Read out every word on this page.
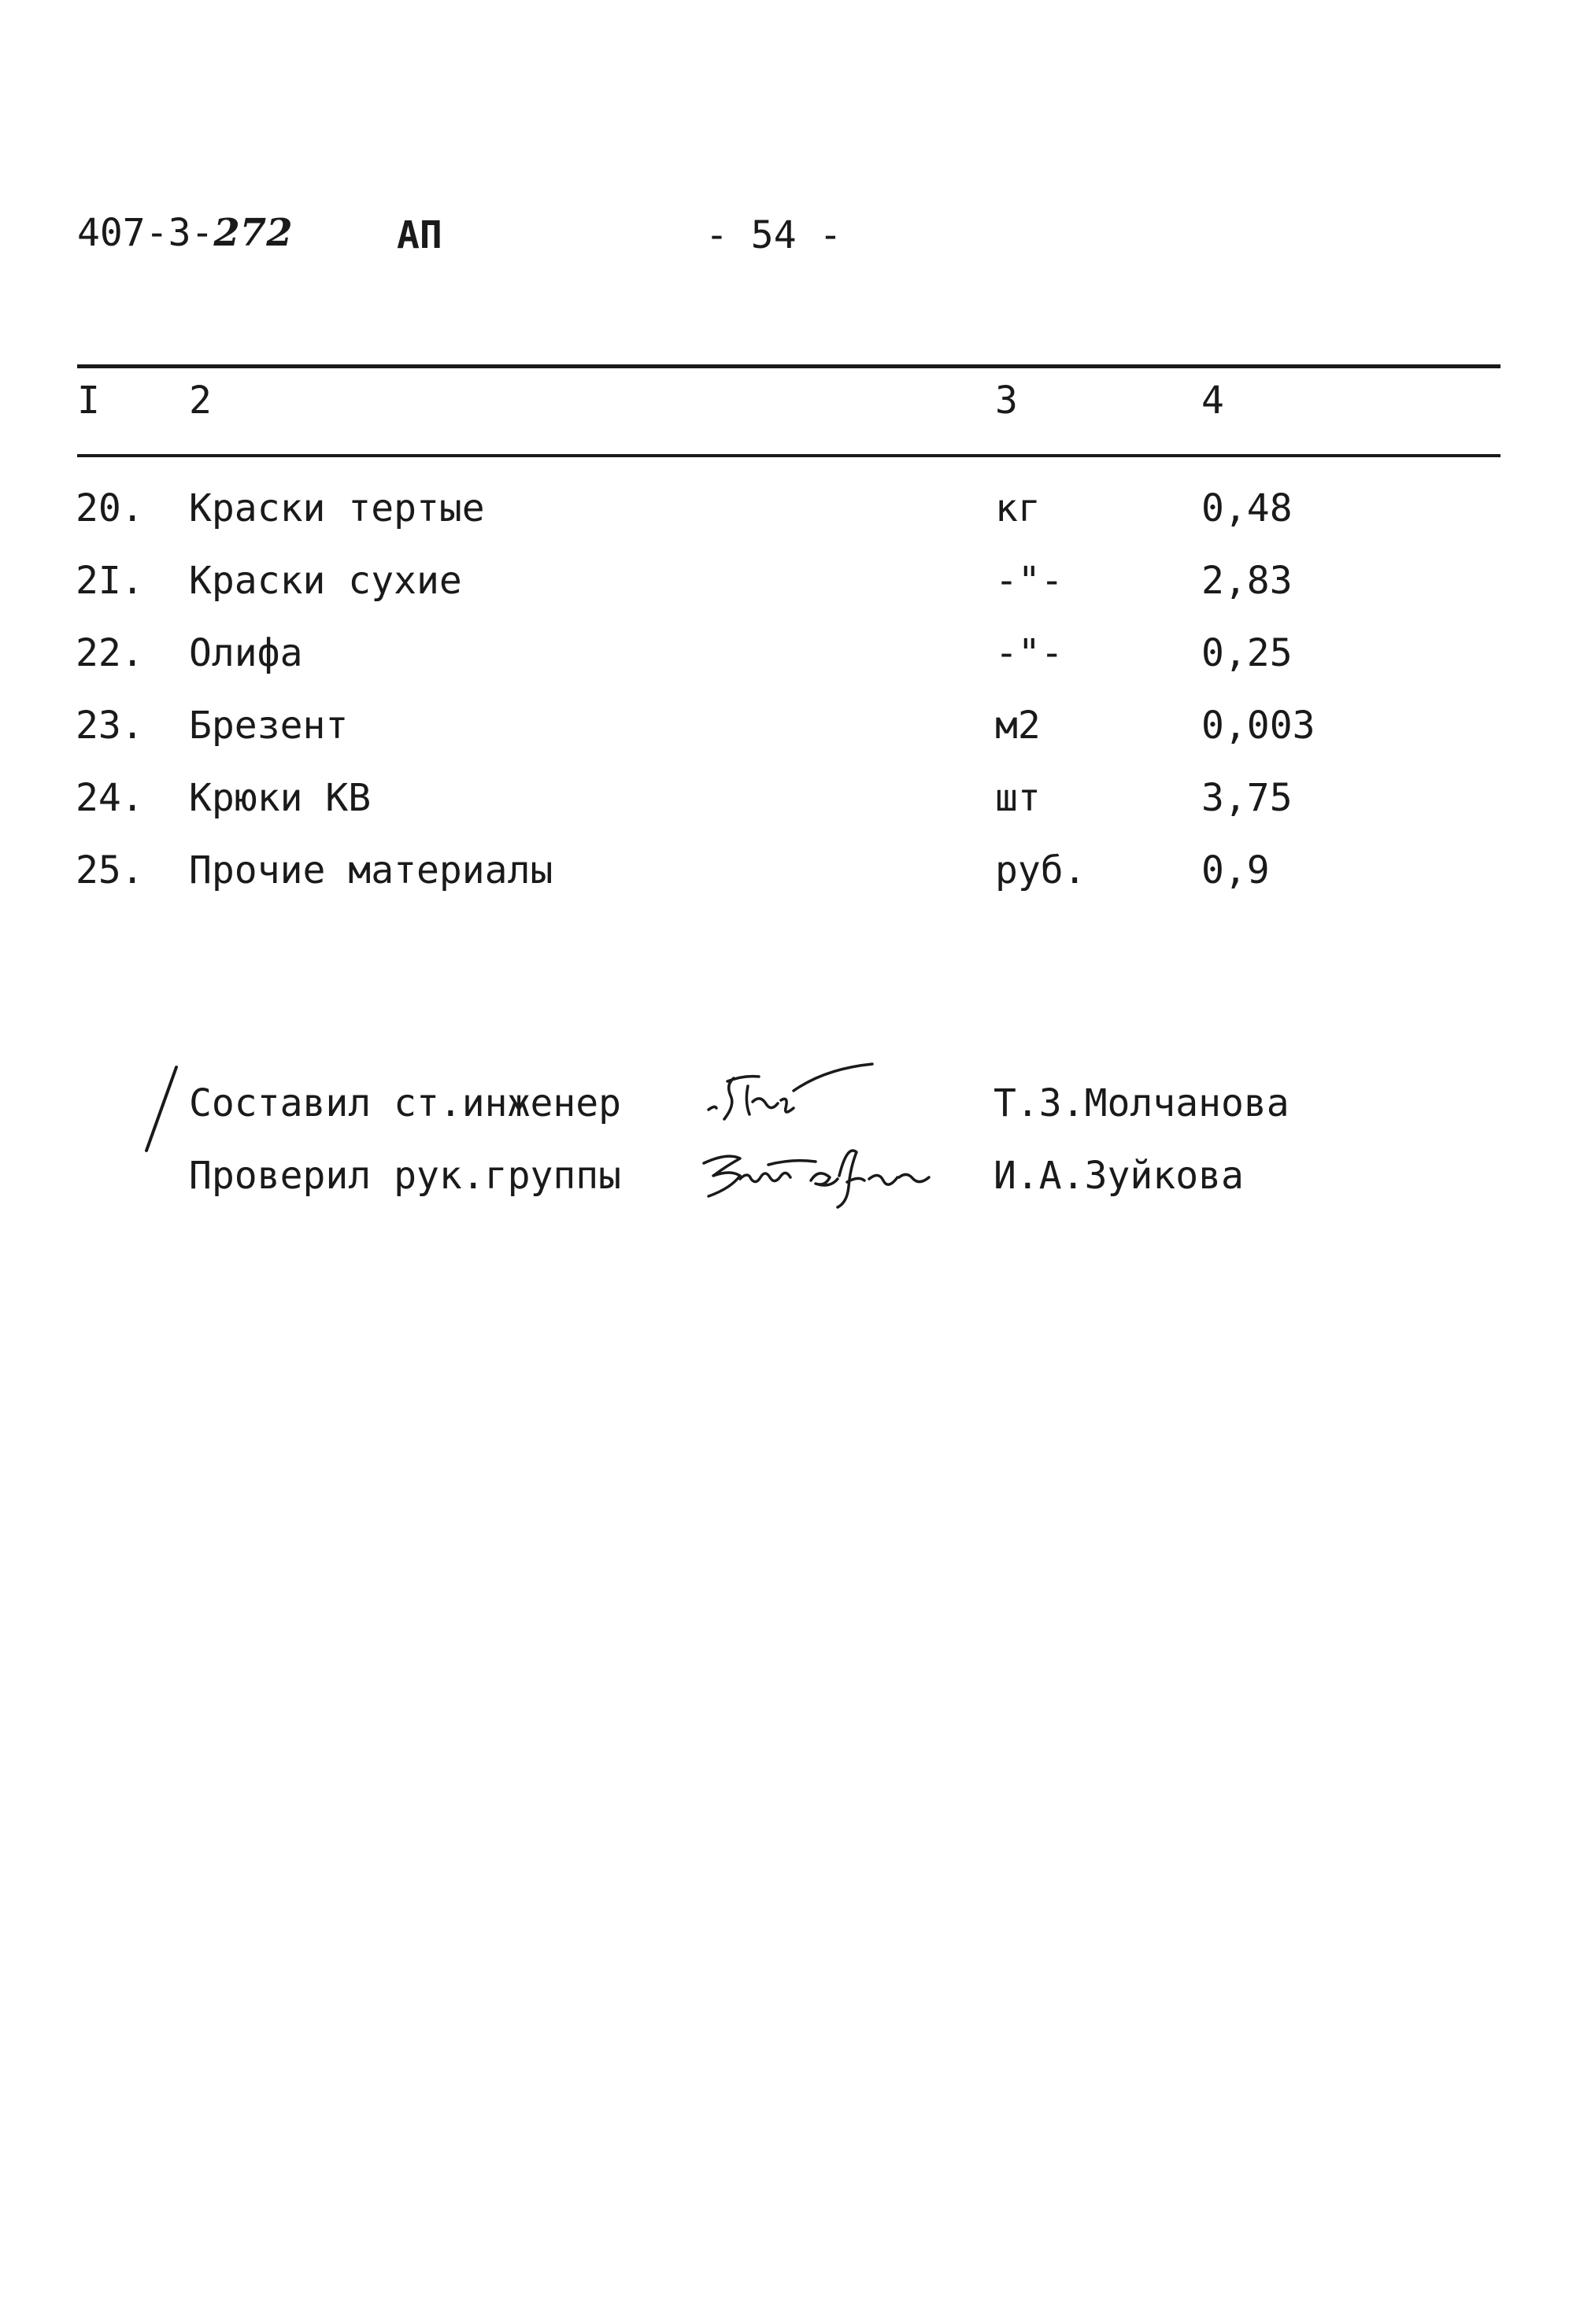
407-3-272	АП	- 54 -
I 2	3	4
20. Краски тертые	кг	0,48
2I. Краски сухие	-"-	2,83
22. Олифа	-"-	0,25
23. Брезент	м2	0,003
24. Крюки КВ	шт	3,75
25. Прочие материалы	руб.	0,9
Составил ст.инженер
Проверил рук.группы
Т.З.Молчанова
И.А.Зуйкова
